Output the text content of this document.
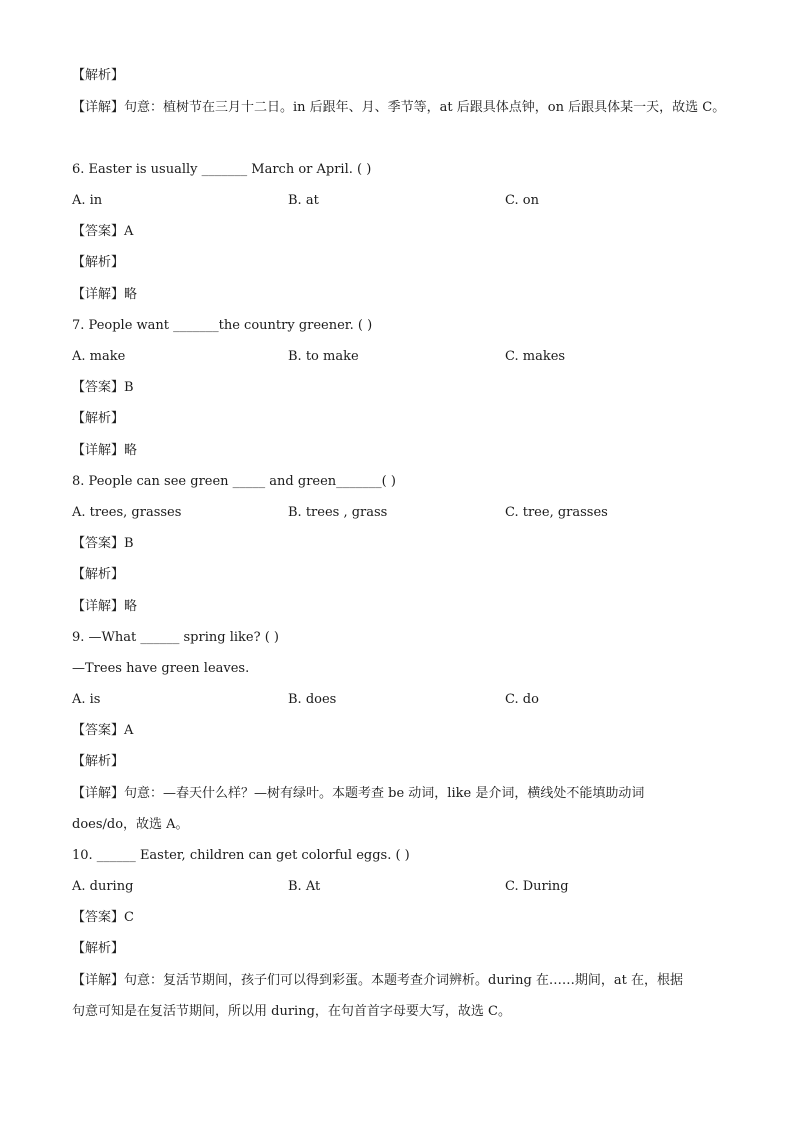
【解析】
【详解】句意：植树节在三月十二日。in 后跟年、月、季节等，at 后跟具体点钟，on 后跟具体某一天，故选 C。
6. Easter is usually _______ March or April. ( )
A. in	B. at	C. on
【答案】A
【解析】
【详解】略
7. People want _______the country greener. ( )
A. make	B. to make	C. makes
【答案】B
【解析】
【详解】略
8. People can see green _____ and green_______( )
A. trees, grasses	B. trees , grass	C. tree, grasses
【答案】B
【解析】
【详解】略
9. —What ______ spring like? ( )
—Trees have green leaves.
A. is	B. does	C. do
【答案】A
【解析】
【详解】句意：—春天什么样？—树有绿叶。本题考查 be 动词，like 是介词，横线处不能填助动词
does/do，故选 A。
10. ______ Easter, children can get colorful eggs. ( )
A. during	B. At	C. During
【答案】C
【解析】
【详解】句意：复活节期间，孩子们可以得到彩蛋。本题考查介词辨析。during 在……期间，at 在，根据
句意可知是在复活节期间，所以用 during，在句首首字母要大写，故选 C。
